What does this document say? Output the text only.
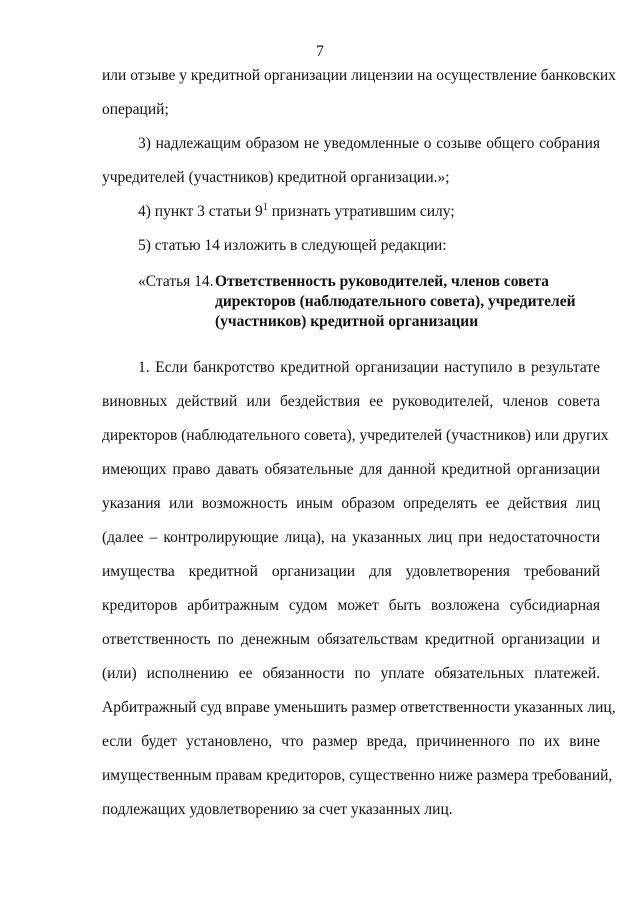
7
или отзыве у кредитной организации лицензии на осуществление банковских
операций;
3) надлежащим образом не уведомленные о созыве общего собрания
учредителей (участников) кредитной организации.»;
4) пункт 3 статьи $9^1$ признать утратившим силу;
5) статью 14 изложить в следующей редакции:
«Статья 14. Ответственность руководителей, членов совета
директоров (наблюдательного совета), учредителей
(участников) кредитной организации
1. Если банкротство кредитной организации наступило в результате
виновных действий или бездействия ее руководителей, членов совета
директоров (наблюдательного совета), учредителей (участников) или других
имеющих право давать обязательные для данной кредитной организации
указания или возможность иным образом определять ее действия лиц
(далее – контролирующие лица), на указанных лиц при недостаточности
имущества кредитной организации для удовлетворения требований
кредиторов арбитражным судом может быть возложена субсидиарная
ответственность по денежным обязательствам кредитной организации и
(или) исполнению ее обязанности по уплате обязательных платежей.
Арбитражный суд вправе уменьшить размер ответственности указанных лиц,
если будет установлено, что размер вреда, причиненного по их вине
имущественным правам кредиторов, существенно ниже размера требований,
подлежащих удовлетворению за счет указанных лиц.
